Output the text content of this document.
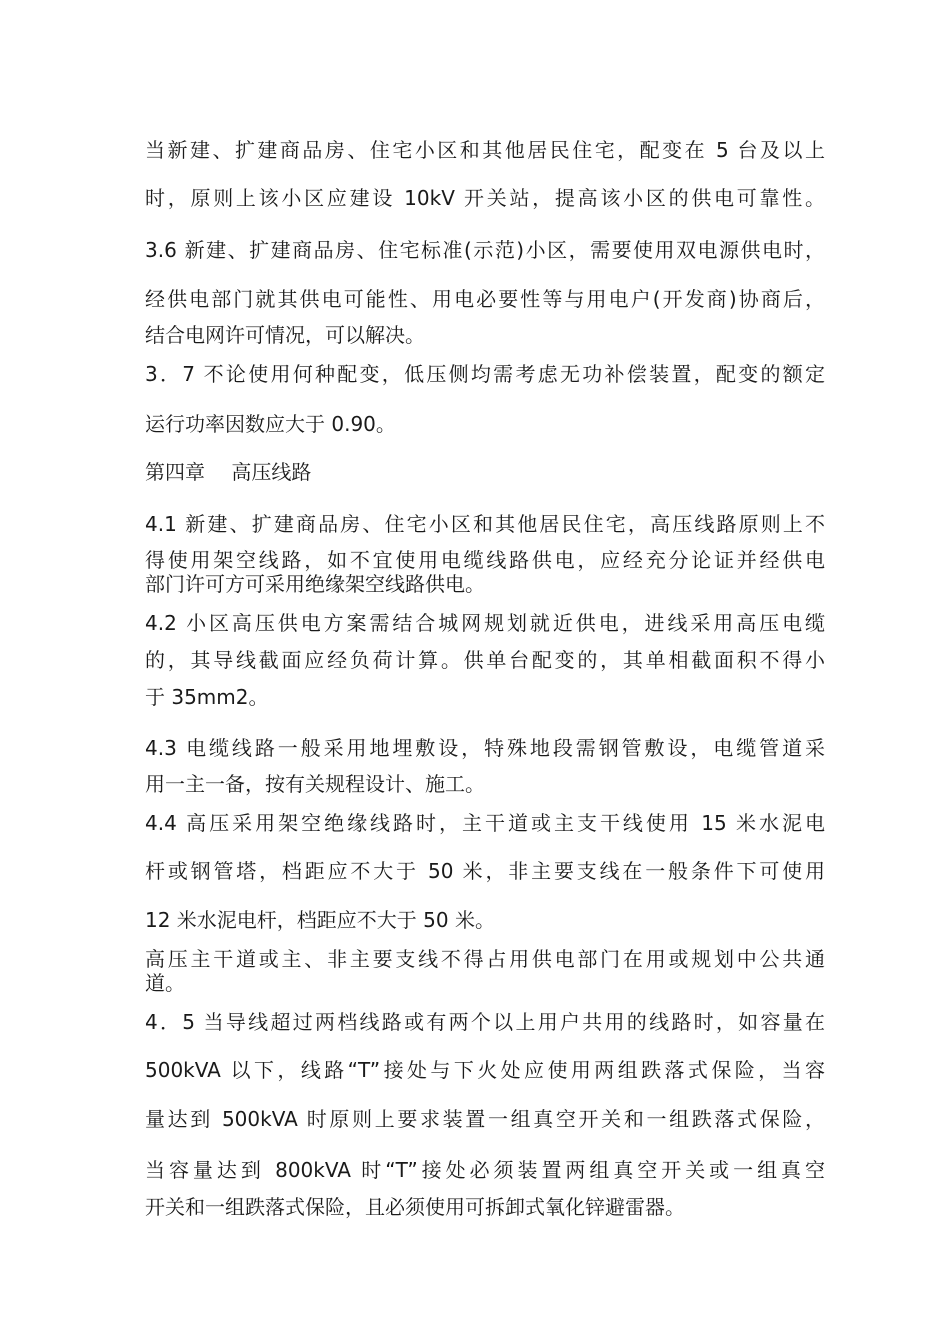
当新建、扩建商品房、住宅小区和其他居民住宅，配变在 5 台及以上
时，原则上该小区应建设 10kV 开关站，提高该小区的供电可靠性。
3.6 新建、扩建商品房、住宅标准(示范)小区，需要使用双电源供电时，
经供电部门就其供电可能性、用电必要性等与用电户(开发商)协商后，
结合电网许可情况，可以解决。
3．7 不论使用何种配变，低压侧均需考虑无功补偿装置，配变的额定
运行功率因数应大于 0.90。
第四章　 高压线路
4.1 新建、扩建商品房、住宅小区和其他居民住宅，高压线路原则上不
得使用架空线路，如不宜使用电缆线路供电，应经充分论证并经供电
部门许可方可采用绝缘架空线路供电。
4.2 小区高压供电方案需结合城网规划就近供电，进线采用高压电缆
的，其导线截面应经负荷计算。供单台配变的，其单相截面积不得小
于 35mm2。
4.3 电缆线路一般采用地埋敷设，特殊地段需钢管敷设，电缆管道采
用一主一备，按有关规程设计、施工。
4.4 高压采用架空绝缘线路时，主干道或主支干线使用 15 米水泥电
杆或钢管塔，档距应不大于 50 米，非主要支线在一般条件下可使用
12 米水泥电杆，档距应不大于 50 米。
高压主干道或主、非主要支线不得占用供电部门在用或规划中公共通
道。
4．5 当导线超过两档线路或有两个以上用户共用的线路时，如容量在
500kVA 以下，线路“T”接处与下火处应使用两组跌落式保险，当容
量达到 500kVA 时原则上要求装置一组真空开关和一组跌落式保险，
当容量达到 800kVA 时“T”接处必须装置两组真空开关或一组真空
开关和一组跌落式保险，且必须使用可拆卸式氧化锌避雷器。
